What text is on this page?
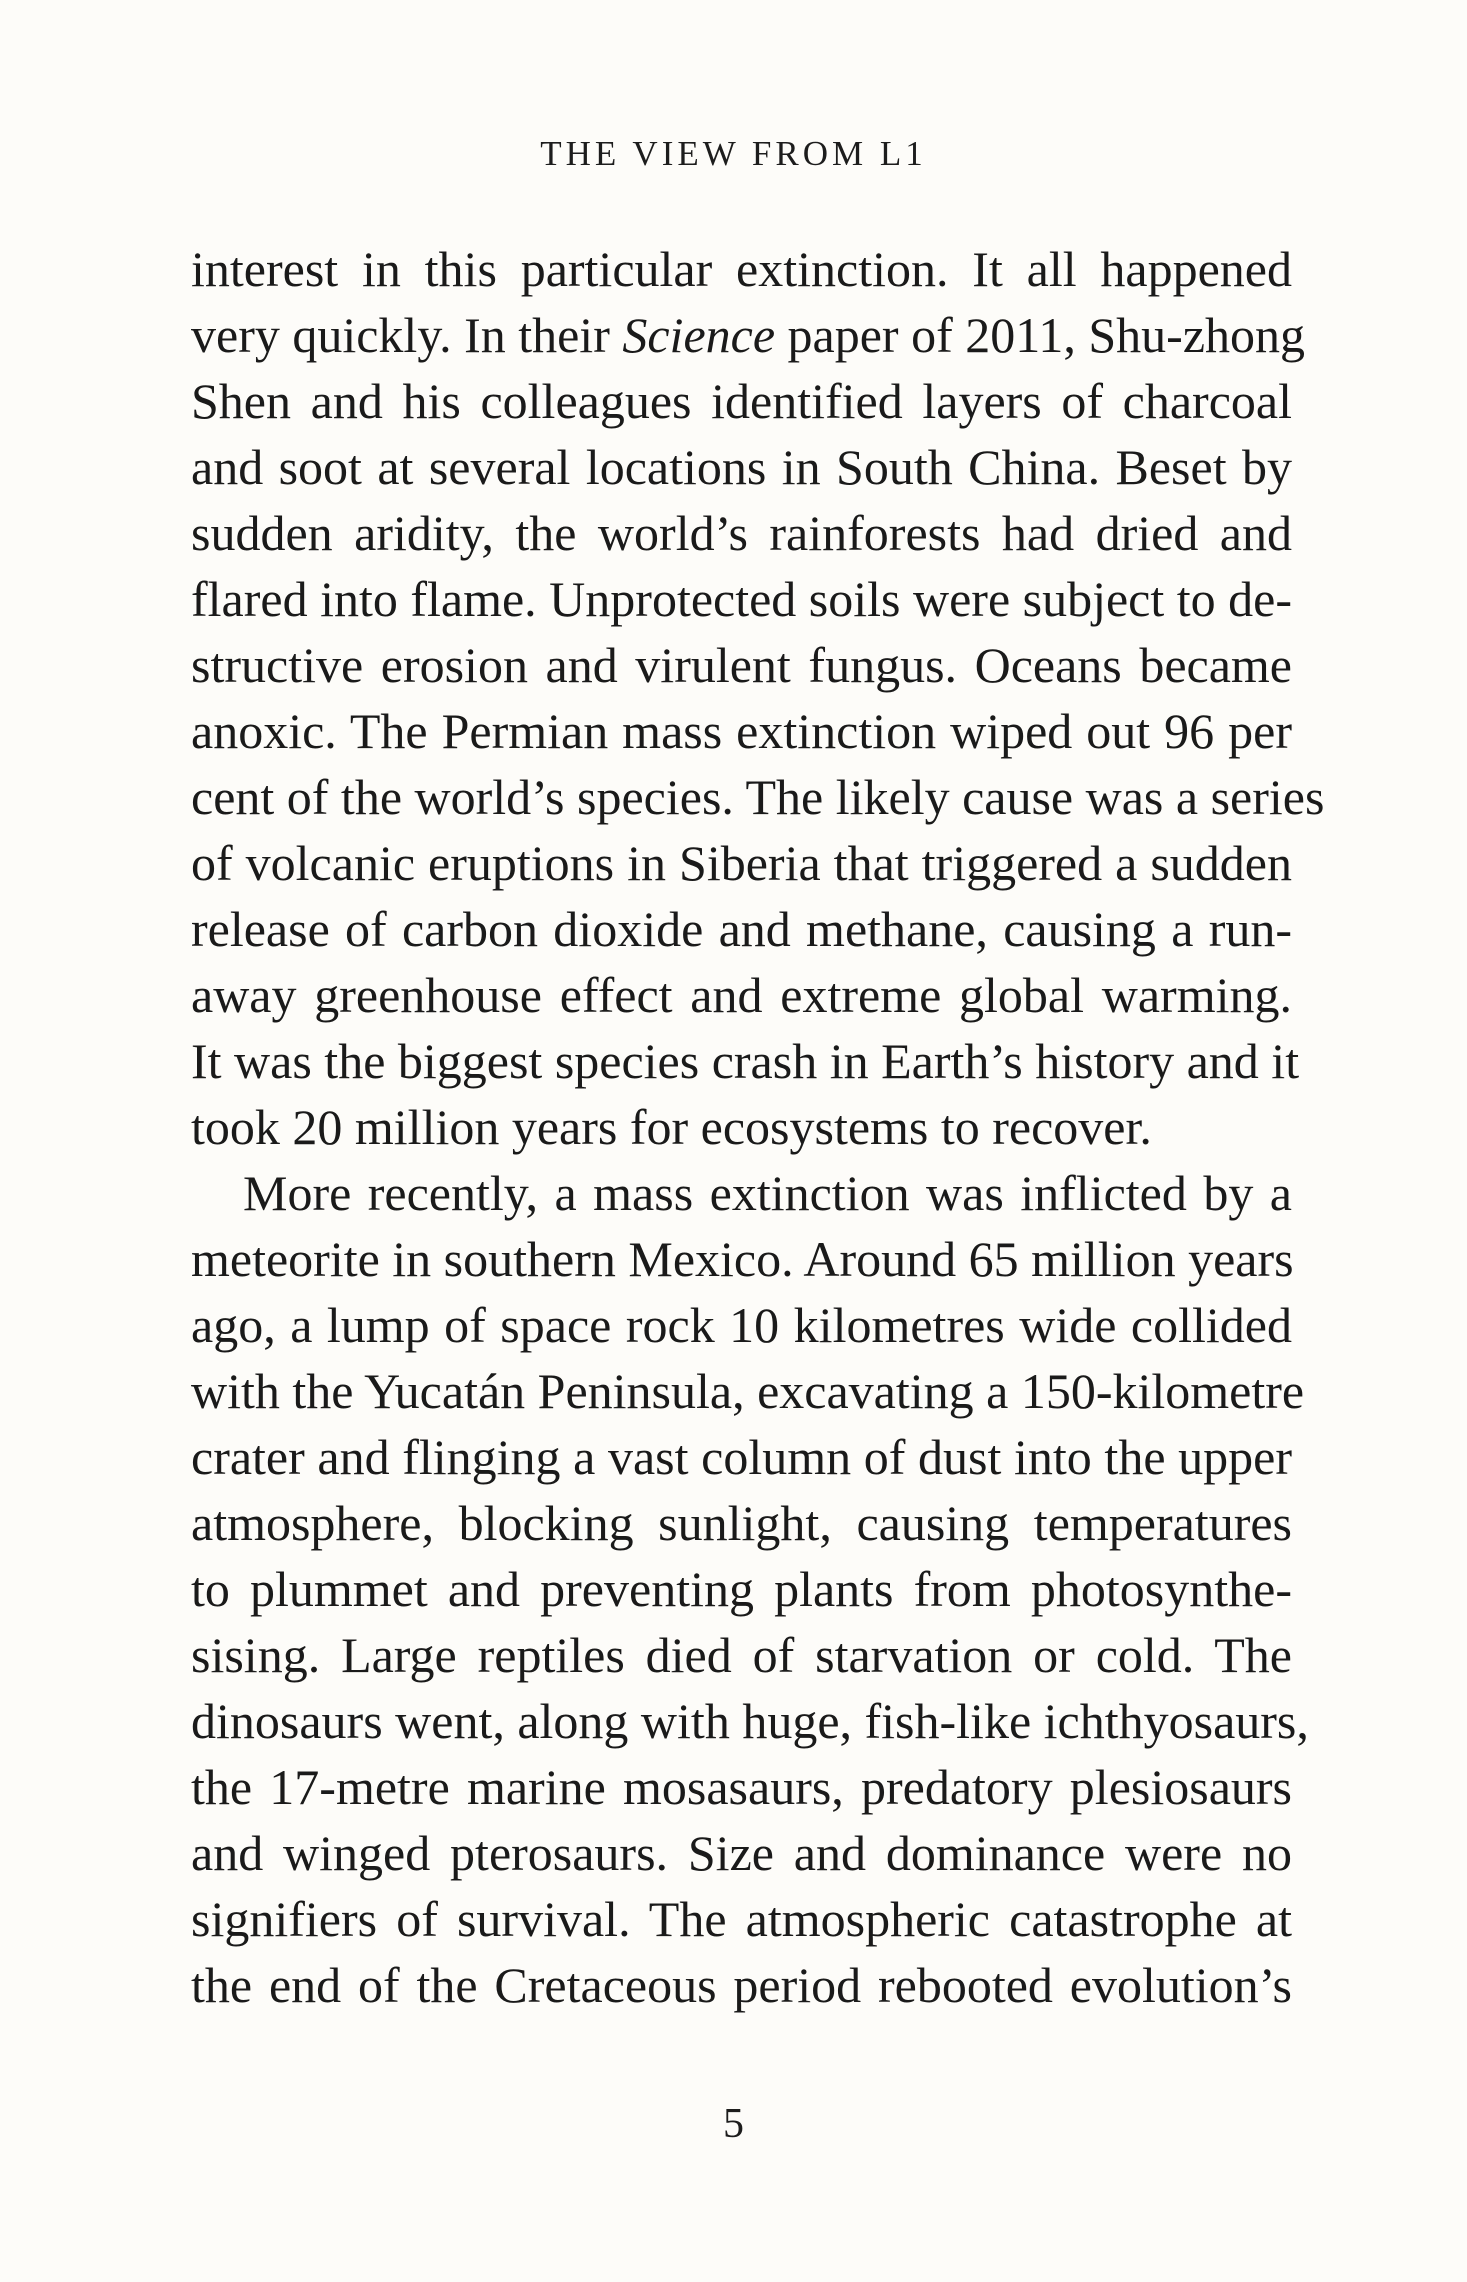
THE VIEW FROM L1
interest in this particular extinction. It all happened
very quickly. In their Science paper of 2011, Shu-zhong
Shen and his colleagues identified layers of charcoal
and soot at several locations in South China. Beset by
sudden aridity, the world’s rainforests had dried and
flared into flame. Unprotected soils were subject to de-
structive erosion and virulent fungus. Oceans became
anoxic. The Permian mass extinction wiped out 96 per
cent of the world’s species. The likely cause was a series
of volcanic eruptions in Siberia that triggered a sudden
release of carbon dioxide and methane, causing a run-
away greenhouse effect and extreme global warming.
It was the biggest species crash in Earth’s history and it
took 20 million years for ecosystems to recover.
More recently, a mass extinction was inflicted by a
meteorite in southern Mexico. Around 65 million years
ago, a lump of space rock 10 kilometres wide collided
with the Yucatán Peninsula, excavating a 150-kilometre
crater and flinging a vast column of dust into the upper
atmosphere, blocking sunlight, causing temperatures
to plummet and preventing plants from photosynthe-
sising. Large reptiles died of starvation or cold. The
dinosaurs went, along with huge, fish-like ichthyosaurs,
the 17-metre marine mosasaurs, predatory plesiosaurs
and winged pterosaurs. Size and dominance were no
signifiers of survival. The atmospheric catastrophe at
the end of the Cretaceous period rebooted evolution’s
5
